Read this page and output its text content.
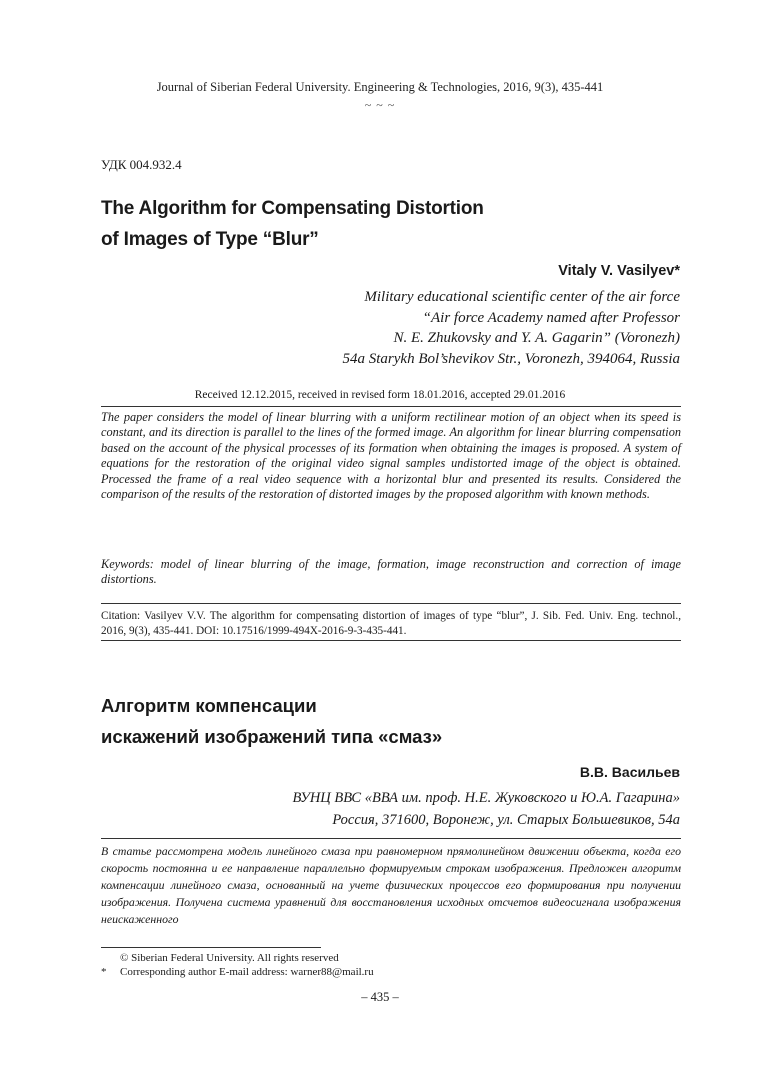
Journal of Siberian Federal University. Engineering & Technologies, 2016, 9(3), 435-441
~ ~ ~
УДК 004.932.4
The Algorithm for Compensating Distortion
of Images of Type “Blur”
Vitaly V. Vasilyev*
Military educational scientific center of the air force
“Air force Academy named after Professor
N. E. Zhukovsky and Y. A. Gagarin” (Voronezh)
54a Starykh Bol’shevikov Str., Voronezh, 394064, Russia
Received 12.12.2015, received in revised form 18.01.2016, accepted 29.01.2016
The paper considers the model of linear blurring with a uniform rectilinear motion of an object when its speed is constant, and its direction is parallel to the lines of the formed image. An algorithm for linear blurring compensation based on the account of the physical processes of its formation when obtaining the images is proposed. A system of equations for the restoration of the original video signal samples undistorted image of the object is obtained. Processed the frame of a real video sequence with a horizontal blur and presented its results. Considered the comparison of the results of the restoration of distorted images by the proposed algorithm with known methods.
Keywords: model of linear blurring of the image, formation, image reconstruction and correction of image distortions.
Citation: Vasilyev V.V. The algorithm for compensating distortion of images of type “blur”, J. Sib. Fed. Univ. Eng. technol., 2016, 9(3), 435-441. DOI: 10.17516/1999-494X-2016-9-3-435-441.
Алгоритм компенсации
искажений изображений типа «смаз»
В.В. Васильев
ВУНЦ ВВС «ВВА им. проф. Н.Е. Жуковского и Ю.А. Гагарина»
Россия, 371600, Воронеж, ул. Старых Большевиков, 54а
В статье рассмотрена модель линейного смаза при равномерном прямолинейном движении объекта, когда его скорость постоянна и ее направление параллельно формируемым строкам изображения. Предложен алгоритм компенсации линейного смаза, основанный на учете физических процессов его формирования при получении изображения. Получена система уравнений для восстановления исходных отсчетов видеосигнала изображения неискаженного
© Siberian Federal University. All rights reserved
* Corresponding author E-mail address: warner88@mail.ru
– 435 –
